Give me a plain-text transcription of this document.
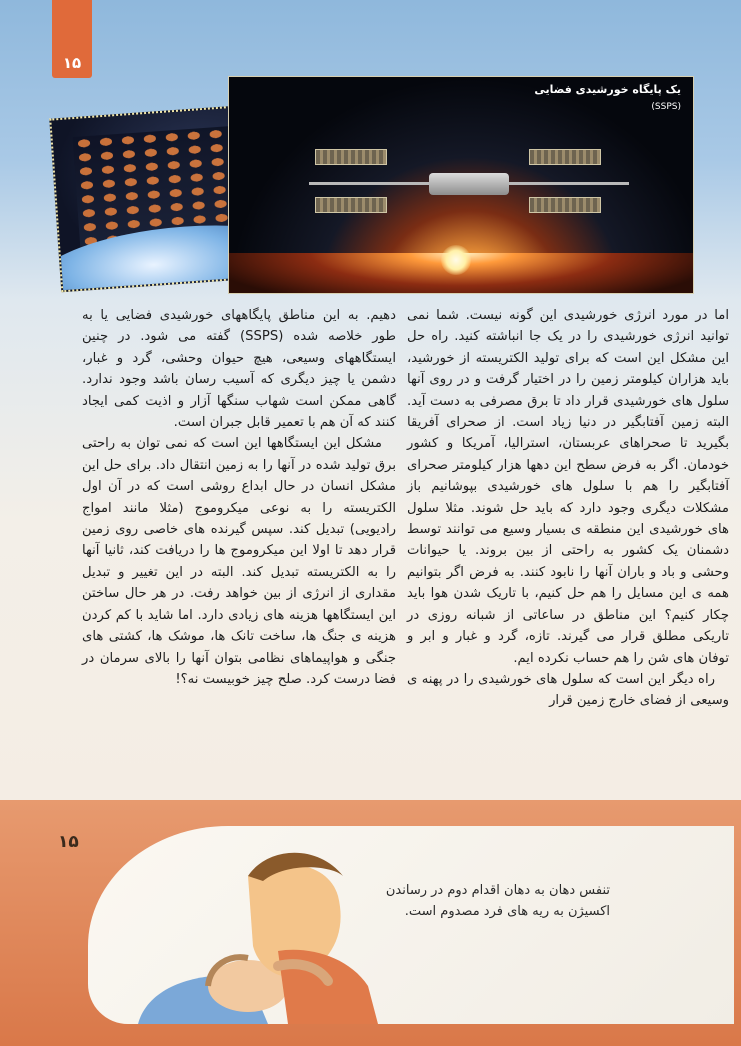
۱۵
یک پایگاه خورشیدی فضایی
(SSPS)

اما در مورد انرژی خورشیدی این گونه نیست. شما نمی توانید انرژی خورشیدی را در یک جا انباشته کنید. راه حل این مشکل این است که برای تولید الکتریسته از خورشید، باید هزاران کیلومتر زمین را در اختیار گرفت و در روی آنها سلول های خورشیدی قرار داد تا برق مصرفی به دست آید. البته زمین آفتابگیر در دنیا زیاد است. از صحرای آفریقا بگیرید تا صحراهای عربستان، استرالیا، آمریکا و کشور خودمان. اگر به فرض سطح این دهها هزار کیلومتر صحرای آفتابگیر را هم با سلول های خورشیدی بپوشانیم باز مشکلات دیگری وجود دارد که باید حل شوند. مثلا سلول های خورشیدی این منطقه ی بسیار وسیع می توانند توسط دشمنان یک کشور به راحتی از بین بروند. یا حیوانات وحشی و باد و باران آنها را نابود کنند. به فرض اگر بتوانیم همه ی این مسایل را هم حل کنیم، با تاریک شدن هوا باید چکار کنیم؟ این مناطق در ساعاتی از شبانه روزی در تاریکی مطلق قرار می گیرند. تازه، گرد و غبار و ابر و توفان های شن را هم حساب نکرده ایم.

راه دیگر این است که سلول های خورشیدی را در پهنه ی وسیعی از فضای خارج زمین قرار

دهیم. به این مناطق پایگاههای خورشیدی فضایی یا به طور خلاصه شده (SSPS) گفته می شود. در چنین ایستگاههای وسیعی، هیچ حیوان وحشی، گرد و غبار، دشمن یا چیز دیگری که آسیب رسان باشد وجود ندارد. گاهی ممکن است شهاب سنگها آزار و اذیت کمی ایجاد کنند که آن هم با تعمیر قابل جبران است.

مشکل این ایستگاهها این است که نمی توان به راحتی برق تولید شده در آنها را به زمین انتقال داد. برای حل این مشکل انسان در حال ابداع روشی است که در آن اول الکتریسته را به نوعی میکروموج (مثلا مانند امواج رادیویی) تبدیل کند. سپس گیرنده های خاصی روی زمین قرار دهد تا اولا این میکروموج ها را دریافت کند، ثانیا آنها را به الکتریسته تبدیل کند. البته در این تغییر و تبدیل مقداری از انرژی از بین خواهد رفت. در هر حال ساختن این ایستگاهها هزینه های زیادی دارد. اما شاید با کم کردن هزینه ی جنگ ها، ساخت تانک ها، موشک ها، کشتی های جنگی و هواپیماهای نظامی بتوان آنها را بالای سرمان در فضا درست کرد. صلح چیز خوبیست نه؟!

۱۵
تنفس دهان به دهان اقدام دوم در رساندن اکسیژن به ریه های فرد مصدوم است.
